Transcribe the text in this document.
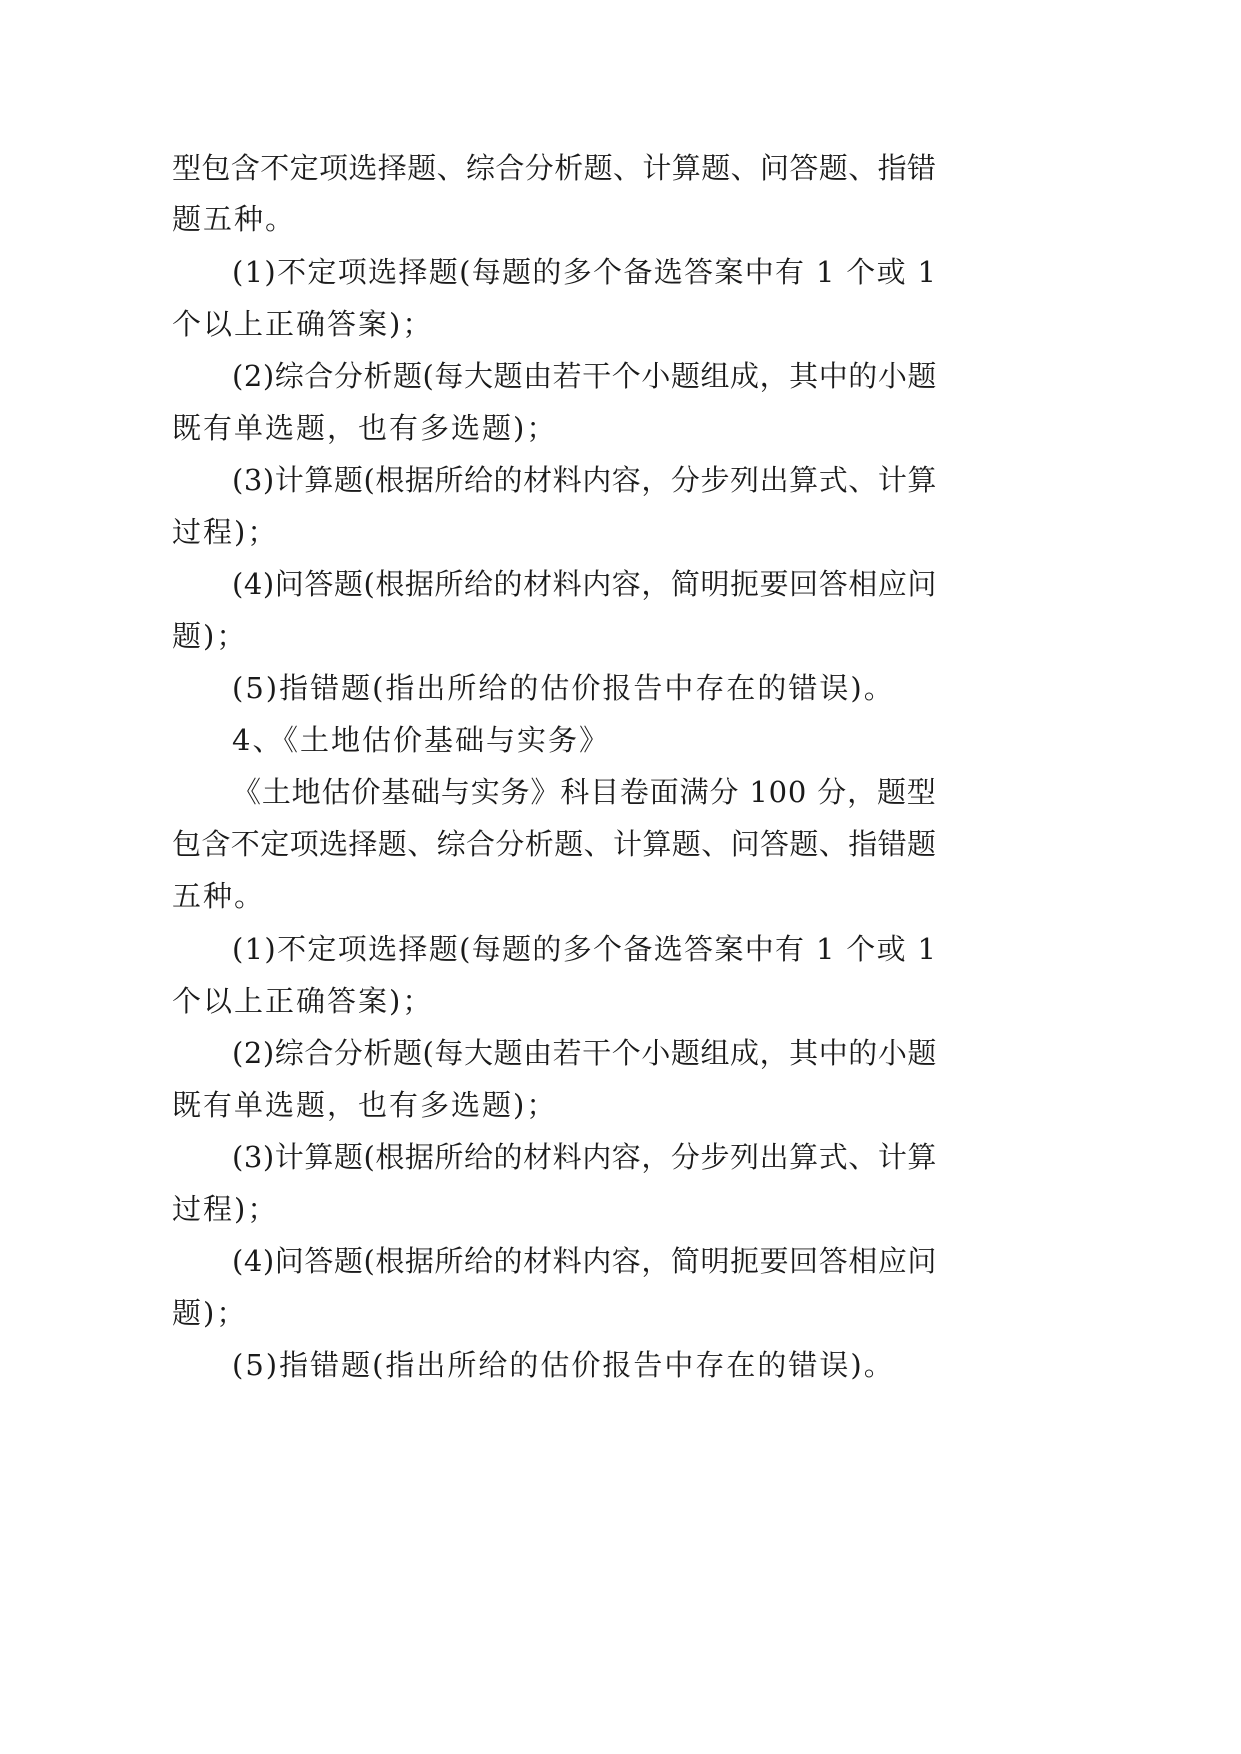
型包含不定项选择题、综合分析题、计算题、问答题、指错
题五种。
(1)不定项选择题(每题的多个备选答案中有 1 个或 1
个以上正确答案)；
(2)综合分析题(每大题由若干个小题组成，其中的小题
既有单选题，也有多选题)；
(3)计算题(根据所给的材料内容，分步列出算式、计算
过程)；
(4)问答题(根据所给的材料内容，简明扼要回答相应问
题)；
(5)指错题(指出所给的估价报告中存在的错误)。
4、《土地估价基础与实务》
《土地估价基础与实务》科目卷面满分 100 分，题型
包含不定项选择题、综合分析题、计算题、问答题、指错题
五种。
(1)不定项选择题(每题的多个备选答案中有 1 个或 1
个以上正确答案)；
(2)综合分析题(每大题由若干个小题组成，其中的小题
既有单选题，也有多选题)；
(3)计算题(根据所给的材料内容，分步列出算式、计算
过程)；
(4)问答题(根据所给的材料内容，简明扼要回答相应问
题)；
(5)指错题(指出所给的估价报告中存在的错误)。
